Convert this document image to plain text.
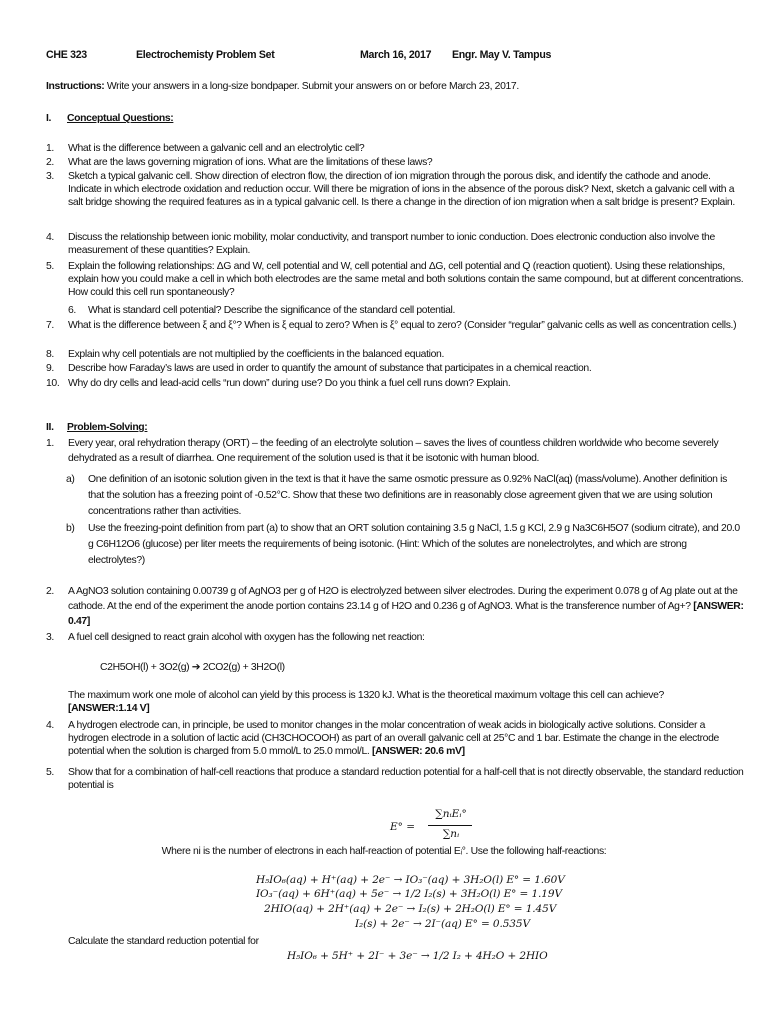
CHE 323	Electrochemisty Problem Set	March 16, 2017 Engr. May V. Tampus
Instructions: Write your answers in a long-size bondpaper. Submit your answers on or before March 23, 2017.
I. Conceptual Questions:
1.	What is the difference between a galvanic cell and an electrolytic cell?
2.	What are the laws governing migration of ions. What are the limitations of these laws?
3.	Sketch a typical galvanic cell. Show direction of electron flow, the direction of ion migration through the porous disk, and identify the cathode and anode. Indicate in which electrode oxidation and reduction occur. Will there be migration of ions in the absence of the porous disk? Next, sketch a galvanic cell with a salt bridge showing the required features as in a typical galvanic cell. Is there a change in the direction of ion migration when a salt bridge is present? Explain.
4.	Discuss the relationship between ionic mobility, molar conductivity, and transport number to ionic conduction. Does electronic conduction also involve the measurement of these quantities? Explain.
5.	Explain the following relationships: ΔG and W, cell potential and W, cell potential and ΔG, cell potential and Q (reaction quotient). Using these relationships, explain how you could make a cell in which both electrodes are the same metal and both solutions contain the same compound, but at different concentrations. How could this cell run spontaneously?
6.	What is standard cell potential? Describe the significance of the standard cell potential.
7.	What is the difference between ξ and ξ°? When is ξ equal to zero? When is ξ° equal to zero? (Consider “regular” galvanic cells as well as concentration cells.)
8.	Explain why cell potentials are not multiplied by the coefficients in the balanced equation.
9.	Describe how Faraday’s laws are used in order to quantify the amount of substance that participates in a chemical reaction.
10. Why do dry cells and lead-acid cells “run down” during use? Do you think a fuel cell runs down? Explain.
II. Problem-Solving:
1.	Every year, oral rehydration therapy (ORT) – the feeding of an electrolyte solution – saves the lives of countless children worldwide who become severely dehydrated as a result of diarrhea. One requirement of the solution used is that it be isotonic with human blood.
a)	One definition of an isotonic solution given in the text is that it have the same osmotic pressure as 0.92% NaCl(aq) (mass/volume). Another definition is that the solution has a freezing point of -0.52°C. Show that these two definitions are in reasonably close agreement given that we are using solution concentrations rather than activities.
b)	Use the freezing-point definition from part (a) to show that an ORT solution containing 3.5 g NaCl, 1.5 g KCl, 2.9 g Na3C6H5O7 (sodium citrate), and 20.0 g C6H12O6 (glucose) per liter meets the requirements of being isotonic. (Hint: Which of the solutes are nonelectrolytes, and which are strong electrolytes?)
2.	A AgNO3 solution containing 0.00739 g of AgNO3 per g of H2O is electrolyzed between silver electrodes. During the experiment 0.078 g of Ag plate out at the cathode. At the end of the experiment the anode portion contains 23.14 g of H2O and 0.236 g of AgNO3. What is the transference number of Ag+? [ANSWER: 0.47]
3.	A fuel cell designed to react grain alcohol with oxygen has the following net reaction:
C2H5OH(l) + 3O2(g) ➔ 2CO2(g) + 3H2O(l)
The maximum work one mole of alcohol can yield by this process is 1320 kJ. What is the theoretical maximum voltage this cell can achieve?
[ANSWER:1.14 V]
4.	A hydrogen electrode can, in principle, be used to monitor changes in the molar concentration of weak acids in biologically active solutions. Consider a hydrogen electrode in a solution of lactic acid (CH3CHOCOOH) as part of an overall galvanic cell at 25°C and 1 bar. Estimate the change in the electrode potential when the solution is charged from 5.0 mmol/L to 25.0 mmol/L. [ANSWER: 20.6 mV]
5.	Show that for a combination of half-cell reactions that produce a standard reduction potential for a half-cell that is not directly observable, the standard reduction potential is
E° =
∑nᵢEᵢ°
∑nᵢ
Where ni is the number of electrons in each half-reaction of potential Eᵢ°. Use the following half-reactions:
H₅IO₆(aq) + H⁺(aq) + 2e⁻ → IO₃⁻(aq) + 3H₂O(l) E° = 1.60V
IO₃⁻(aq) + 6H⁺(aq) + 5e⁻ → 1/2 I₂(s) + 3H₂O(l) E° = 1.19V
2HIO(aq) + 2H⁺(aq) + 2e⁻ → I₂(s) + 2H₂O(l) E° = 1.45V
I₂(s) + 2e⁻ → 2I⁻(aq) E° = 0.535V
Calculate the standard reduction potential for
H₅IO₆ + 5H⁺ + 2I⁻ + 3e⁻ → 1/2 I₂ + 4H₂O + 2HIO
